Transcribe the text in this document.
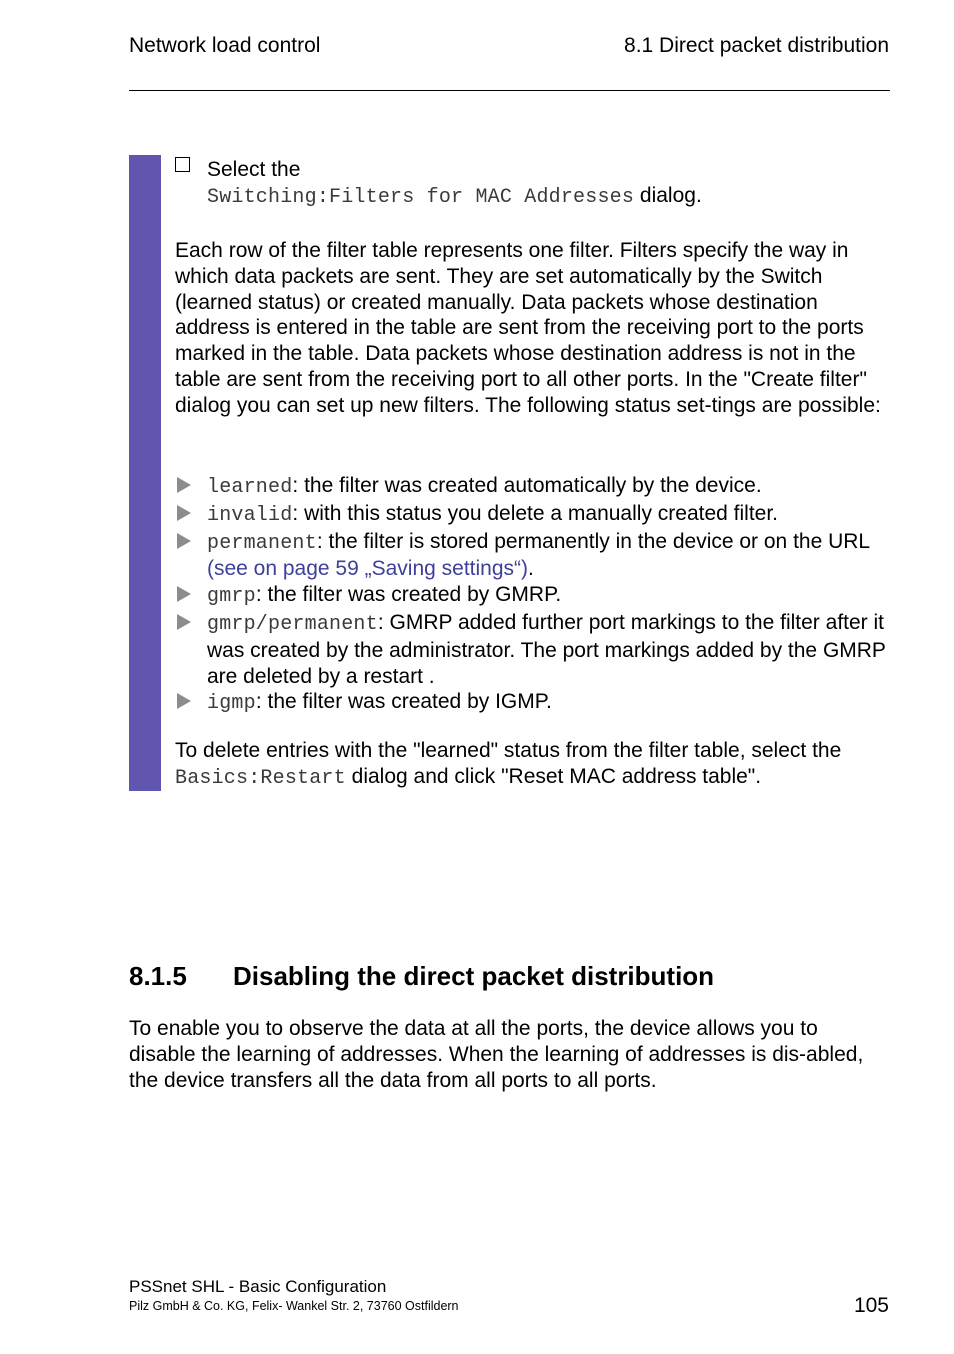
Network load control	8.1 Direct packet distribution
Select the
Switching:Filters for MAC Addresses dialog.
Each row of the filter table represents one filter. Filters specify the way in which data packets are sent. They are set automatically by the Switch (learned status) or created manually. Data packets whose destination address is entered in the table are sent from the receiving port to the ports marked in the table. Data packets whose destination address is not in the table are sent from the receiving port to all other ports. In the "Create filter" dialog you can set up new filters. The following status set-tings are possible:
learned: the filter was created automatically by the device.
invalid: with this status you delete a manually created filter.
permanent: the filter is stored permanently in the device or on the URL (see on page 59 „Saving settings“).
gmrp: the filter was created by GMRP.
gmrp/permanent: GMRP added further port markings to the filter after it was created by the administrator. The port markings added by the GMRP are deleted by a restart .
igmp: the filter was created by IGMP.
To delete entries with the "learned" status from the filter table, select the Basics:Restart dialog and click "Reset MAC address table".
8.1.5 Disabling the direct packet distribution
To enable you to observe the data at all the ports, the device allows you to disable the learning of addresses. When the learning of addresses is dis-abled, the device transfers all the data from all ports to all ports.
PSSnet SHL - Basic Configuration
Pilz GmbH & Co. KG, Felix- Wankel Str. 2, 73760 Ostfildern	105
